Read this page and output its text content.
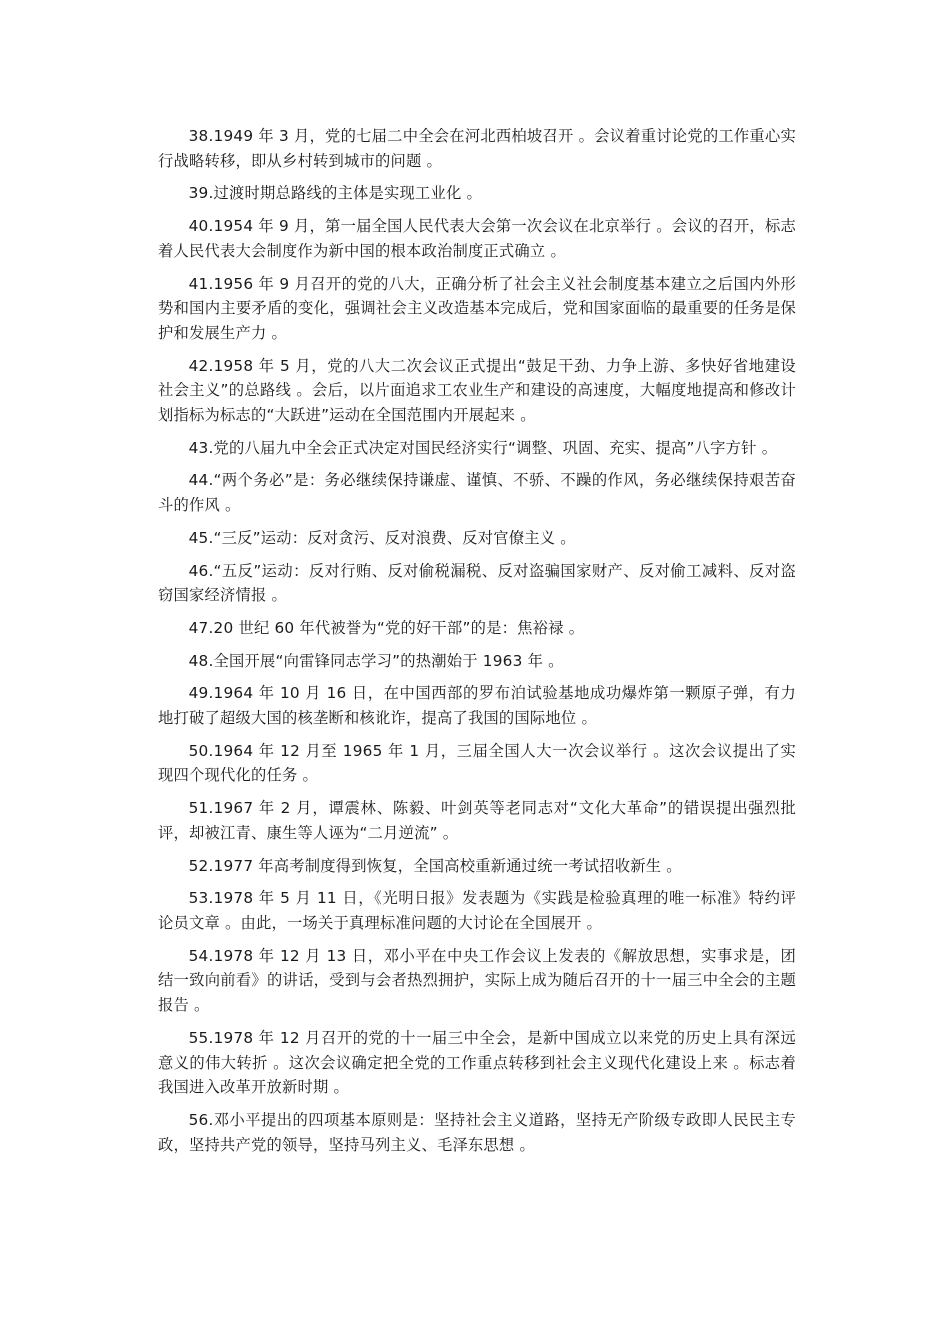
38.1949 年 3 月，党的七届二中全会在河北西柏坡召开 。会议着重讨论党的工作重心实行战略转移，即从乡村转到城市的问题 。

39.过渡时期总路线的主体是实现工业化 。

40.1954 年 9 月，第一届全国人民代表大会第一次会议在北京举行 。会议的召开，标志着人民代表大会制度作为新中国的根本政治制度正式确立 。

41.1956 年 9 月召开的党的八大，正确分析了社会主义社会制度基本建立之后国内外形势和国内主要矛盾的变化，强调社会主义改造基本完成后，党和国家面临的最重要的任务是保护和发展生产力 。

42.1958 年 5 月，党的八大二次会议正式提出“鼓足干劲、力争上游、多快好省地建设社会主义”的总路线 。会后，以片面追求工农业生产和建设的高速度，大幅度地提高和修改计划指标为标志的“大跃进”运动在全国范围内开展起来 。

43.党的八届九中全会正式决定对国民经济实行“调整、巩固、充实、提高”八字方针 。

44.“两个务必”是：务必继续保持谦虚、谨慎、不骄、不躁的作风，务必继续保持艰苦奋斗的作风 。

45.“三反”运动：反对贪污、反对浪费、反对官僚主义 。

46.“五反”运动：反对行贿、反对偷税漏税、反对盗骗国家财产、反对偷工减料、反对盗窃国家经济情报 。

47.20 世纪 60 年代被誉为“党的好干部”的是：焦裕禄 。

48.全国开展“向雷锋同志学习”的热潮始于 1963 年 。

49.1964 年 10 月 16 日，在中国西部的罗布泊试验基地成功爆炸第一颗原子弹，有力地打破了超级大国的核垄断和核讹诈，提高了我国的国际地位 。

50.1964 年 12 月至 1965 年 1 月，三届全国人大一次会议举行 。这次会议提出了实现四个现代化的任务 。

51.1967 年 2 月，谭震林、陈毅、叶剑英等老同志对“文化大革命”的错误提出强烈批评，却被江青、康生等人诬为“二月逆流” 。

52.1977 年高考制度得到恢复，全国高校重新通过统一考试招收新生 。

53.1978 年 5 月 11 日，《光明日报》发表题为《实践是检验真理的唯一标准》特约评论员文章 。由此，一场关于真理标准问题的大讨论在全国展开 。

54.1978 年 12 月 13 日，邓小平在中央工作会议上发表的《解放思想，实事求是，团结一致向前看》的讲话，受到与会者热烈拥护，实际上成为随后召开的十一届三中全会的主题报告 。

55.1978 年 12 月召开的党的十一届三中全会，是新中国成立以来党的历史上具有深远意义的伟大转折 。这次会议确定把全党的工作重点转移到社会主义现代化建设上来 。标志着我国进入改革开放新时期 。

56.邓小平提出的四项基本原则是：坚持社会主义道路，坚持无产阶级专政即人民民主专政，坚持共产党的领导，坚持马列主义、毛泽东思想 。
